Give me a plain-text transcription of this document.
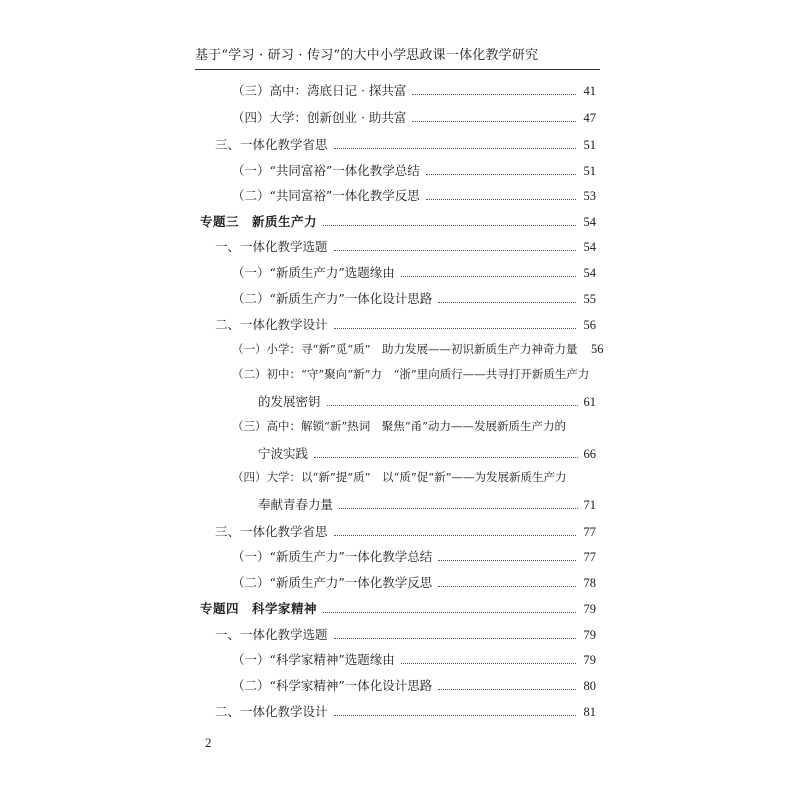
基于“学习 · 研习 · 传习”的大中小学思政课一体化教学研究
（三）高中：湾底日记 · 探共富	41
（四）大学：创新创业 · 助共富	47
三、一体化教学省思	51
（一）“共同富裕”一体化教学总结	51
（二）“共同富裕”一体化教学反思	53
专题三　新质生产力	54
一、一体化教学选题	54
（一）“新质生产力”选题缘由	54
（二）“新质生产力”一体化设计思路	55
二、一体化教学设计	56
（一）小学：寻“新”觅“质”　助力发展——初识新质生产力神奇力量 56
（二）初中：“守”聚向“新”力　“浙”里向质行——共寻打开新质生产力
的发展密钥	61
（三）高中：解锁“新”热词　聚焦“甬”动力——发展新质生产力的
宁波实践	66
（四）大学：以“新”提“质”　以“质”促“新”——为发展新质生产力
奉献青春力量	71
三、一体化教学省思	77
（一）“新质生产力”一体化教学总结	77
（二）“新质生产力”一体化教学反思	78
专题四　科学家精神	79
一、一体化教学选题	79
（一）“科学家精神”选题缘由	79
（二）“科学家精神”一体化设计思路	80
二、一体化教学设计	81
2
